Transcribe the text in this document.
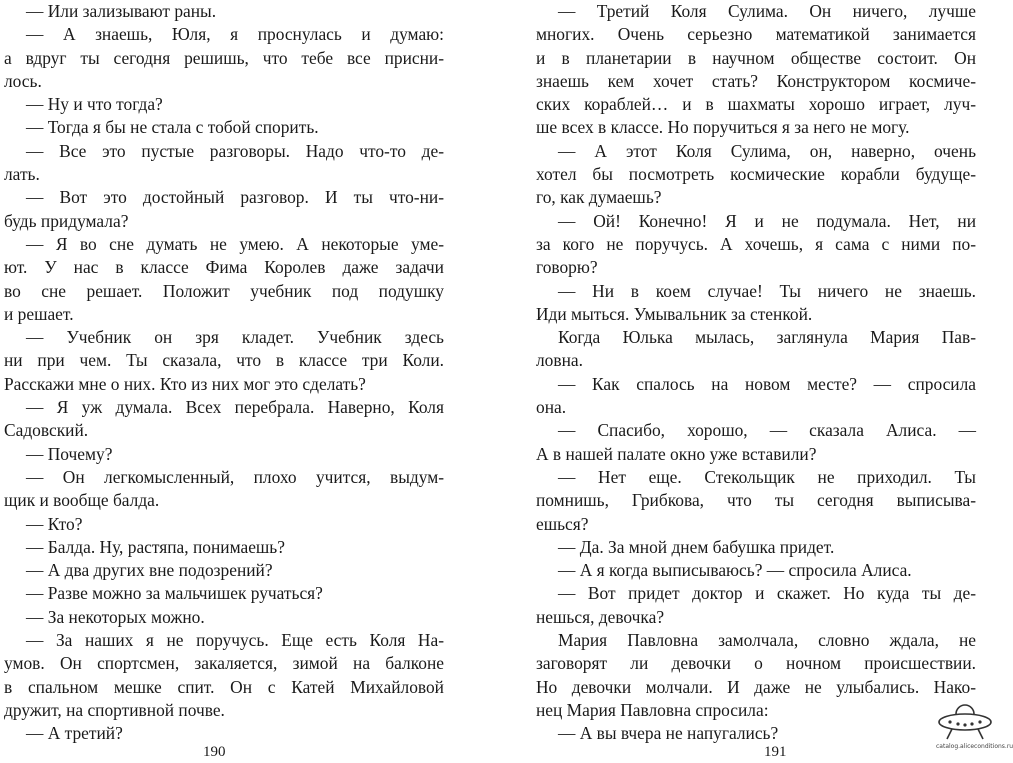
— Или зализывают раны.
— А знаешь, Юля, я проснулась и думаю:
а вдруг ты сегодня решишь, что тебе все присни-
лось.
— Ну и что тогда?
— Тогда я бы не стала с тобой спорить.
— Все это пустые разговоры. Надо что-то де-
лать.
— Вот это достойный разговор. И ты что-ни-
будь придумала?
— Я во сне думать не умею. А некоторые уме-
ют. У нас в классе Фима Королев даже задачи
во сне решает. Положит учебник под подушку
и решает.
— Учебник он зря кладет. Учебник здесь
ни при чем. Ты сказала, что в классе три Коли.
Расскажи мне о них. Кто из них мог это сделать?
— Я уж думала. Всех перебрала. Наверно, Коля
Садовский.
— Почему?
— Он легкомысленный, плохо учится, выдум-
щик и вообще балда.
— Кто?
— Балда. Ну, растяпа, понимаешь?
— А два других вне подозрений?
— Разве можно за мальчишек ручаться?
— За некоторых можно.
— За наших я не поручусь. Еще есть Коля На-
умов. Он спортсмен, закаляется, зимой на балконе
в спальном мешке спит. Он с Катей Михайловой
дружит, на спортивной почве.
— А третий?
190
— Третий Коля Сулима. Он ничего, лучше
многих. Очень серьезно математикой занимается
и в планетарии в научном обществе состоит. Он
знаешь кем хочет стать? Конструктором космиче-
ских кораблей… и в шахматы хорошо играет, луч-
ше всех в классе. Но поручиться я за него не могу.
— А этот Коля Сулима, он, наверно, очень
хотел бы посмотреть космические корабли будуще-
го, как думаешь?
— Ой! Конечно! Я и не подумала. Нет, ни
за кого не поручусь. А хочешь, я сама с ними по-
говорю?
— Ни в коем случае! Ты ничего не знаешь.
Иди мыться. Умывальник за стенкой.
Когда Юлька мылась, заглянула Мария Пав-
ловна.
— Как спалось на новом месте? — спросила
она.
— Спасибо, хорошо, — сказала Алиса. —
А в нашей палате окно уже вставили?
— Нет еще. Стекольщик не приходил. Ты
помнишь, Грибкова, что ты сегодня выписыва-
ешься?
— Да. За мной днем бабушка придет.
— А я когда выписываюсь? — спросила Алиса.
— Вот придет доктор и скажет. Но куда ты де-
нешься, девочка?
Мария Павловна замолчала, словно ждала, не
заговорят ли девочки о ночном происшествии.
Но девочки молчали. И даже не улыбались. Нако-
нец Мария Павловна спросила:
— А вы вчера не напугались?
191	catalog.aliceconditions.ru
